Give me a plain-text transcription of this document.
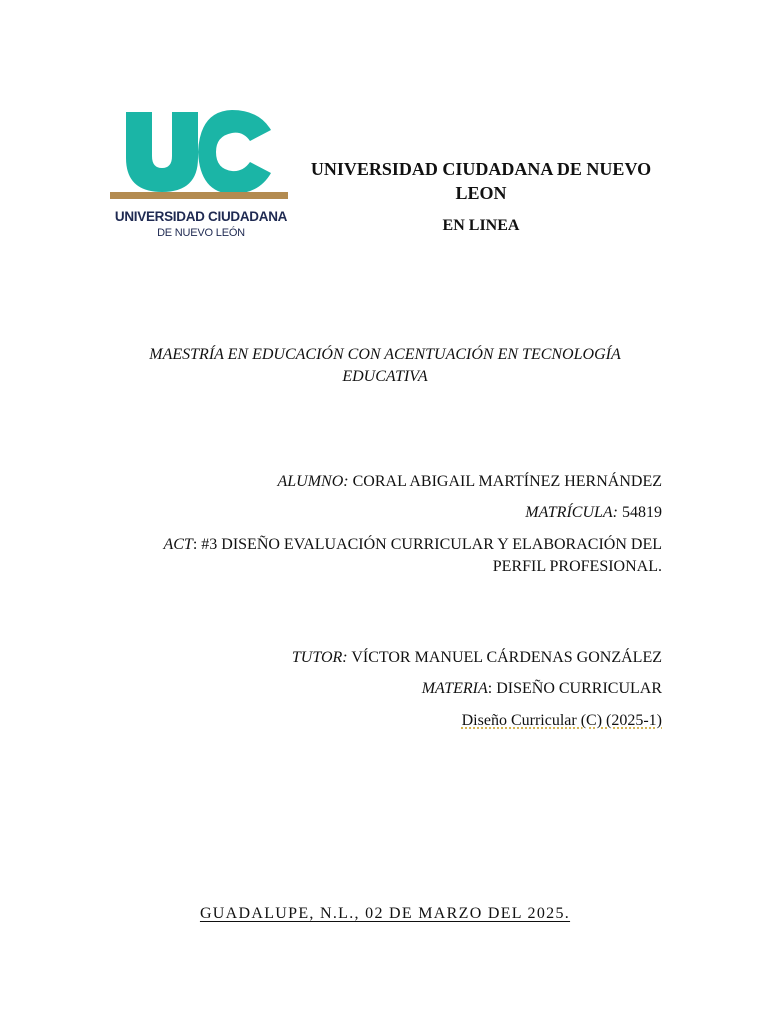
UNIVERSIDAD CIUDADANA
DE NUEVO LEÓN
UNIVERSIDAD CIUDADANA DE NUEVO LEON
EN LINEA
MAESTRÍA EN EDUCACIÓN CON ACENTUACIÓN EN TECNOLOGÍA EDUCATIVA
ALUMNO: CORAL ABIGAIL MARTÍNEZ HERNÁNDEZ
MATRÍCULA: 54819
ACT: #3 DISEÑO EVALUACIÓN CURRICULAR Y ELABORACIÓN DEL PERFIL PROFESIONAL.
TUTOR: VÍCTOR MANUEL CÁRDENAS GONZÁLEZ
MATERIA: DISEÑO CURRICULAR
Diseño Curricular (C) (2025-1)
GUADALUPE, N.L., 02 DE MARZO DEL 2025.
